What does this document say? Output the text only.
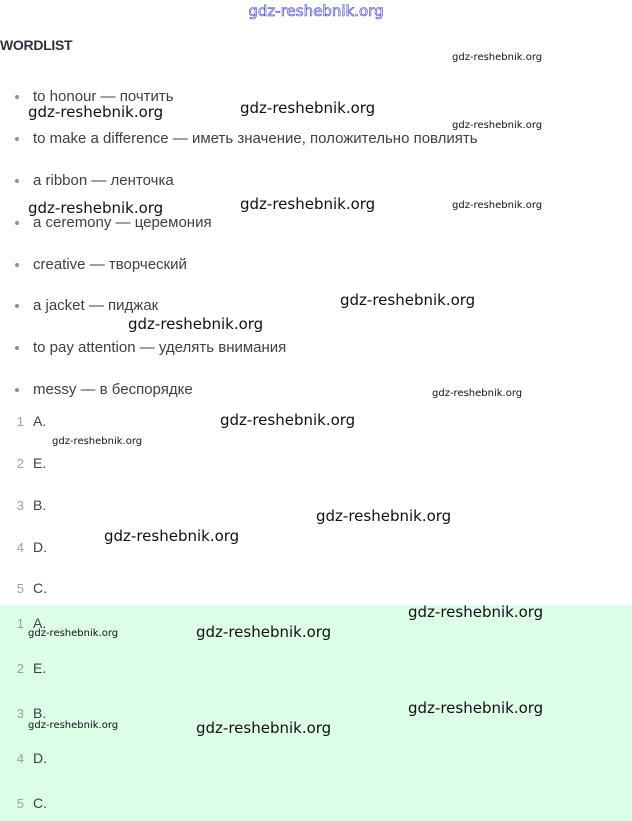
gdz-reshebnik.org
WORDLIST
to honour — почтить
to make a difference — иметь значение, положительно повлиять
a ribbon — ленточка
a ceremony — церемония
creative — творческий
a jacket — пиджак
to pay attention — уделять внимания
messy — в беспорядке
1 A.
2 E.
3 B.
4 D.
5 C.
1 A.
2 E.
3 B.
4 D.
5 C.
gdz-reshebnik.org
gdz-reshebnik.org	gdz-reshebnik.org
gdz-reshebnik.org
gdz-reshebnik.org	gdz-reshebnik.org	gdz-reshebnik.org
gdz-reshebnik.org
gdz-reshebnik.org
gdz-reshebnik.org
gdz-reshebnik.org
gdz-reshebnik.org
gdz-reshebnik.org
gdz-reshebnik.org
gdz-reshebnik.org
gdz-reshebnik.org	gdz-reshebnik.org
gdz-reshebnik.org
gdz-reshebnik.org	gdz-reshebnik.org
